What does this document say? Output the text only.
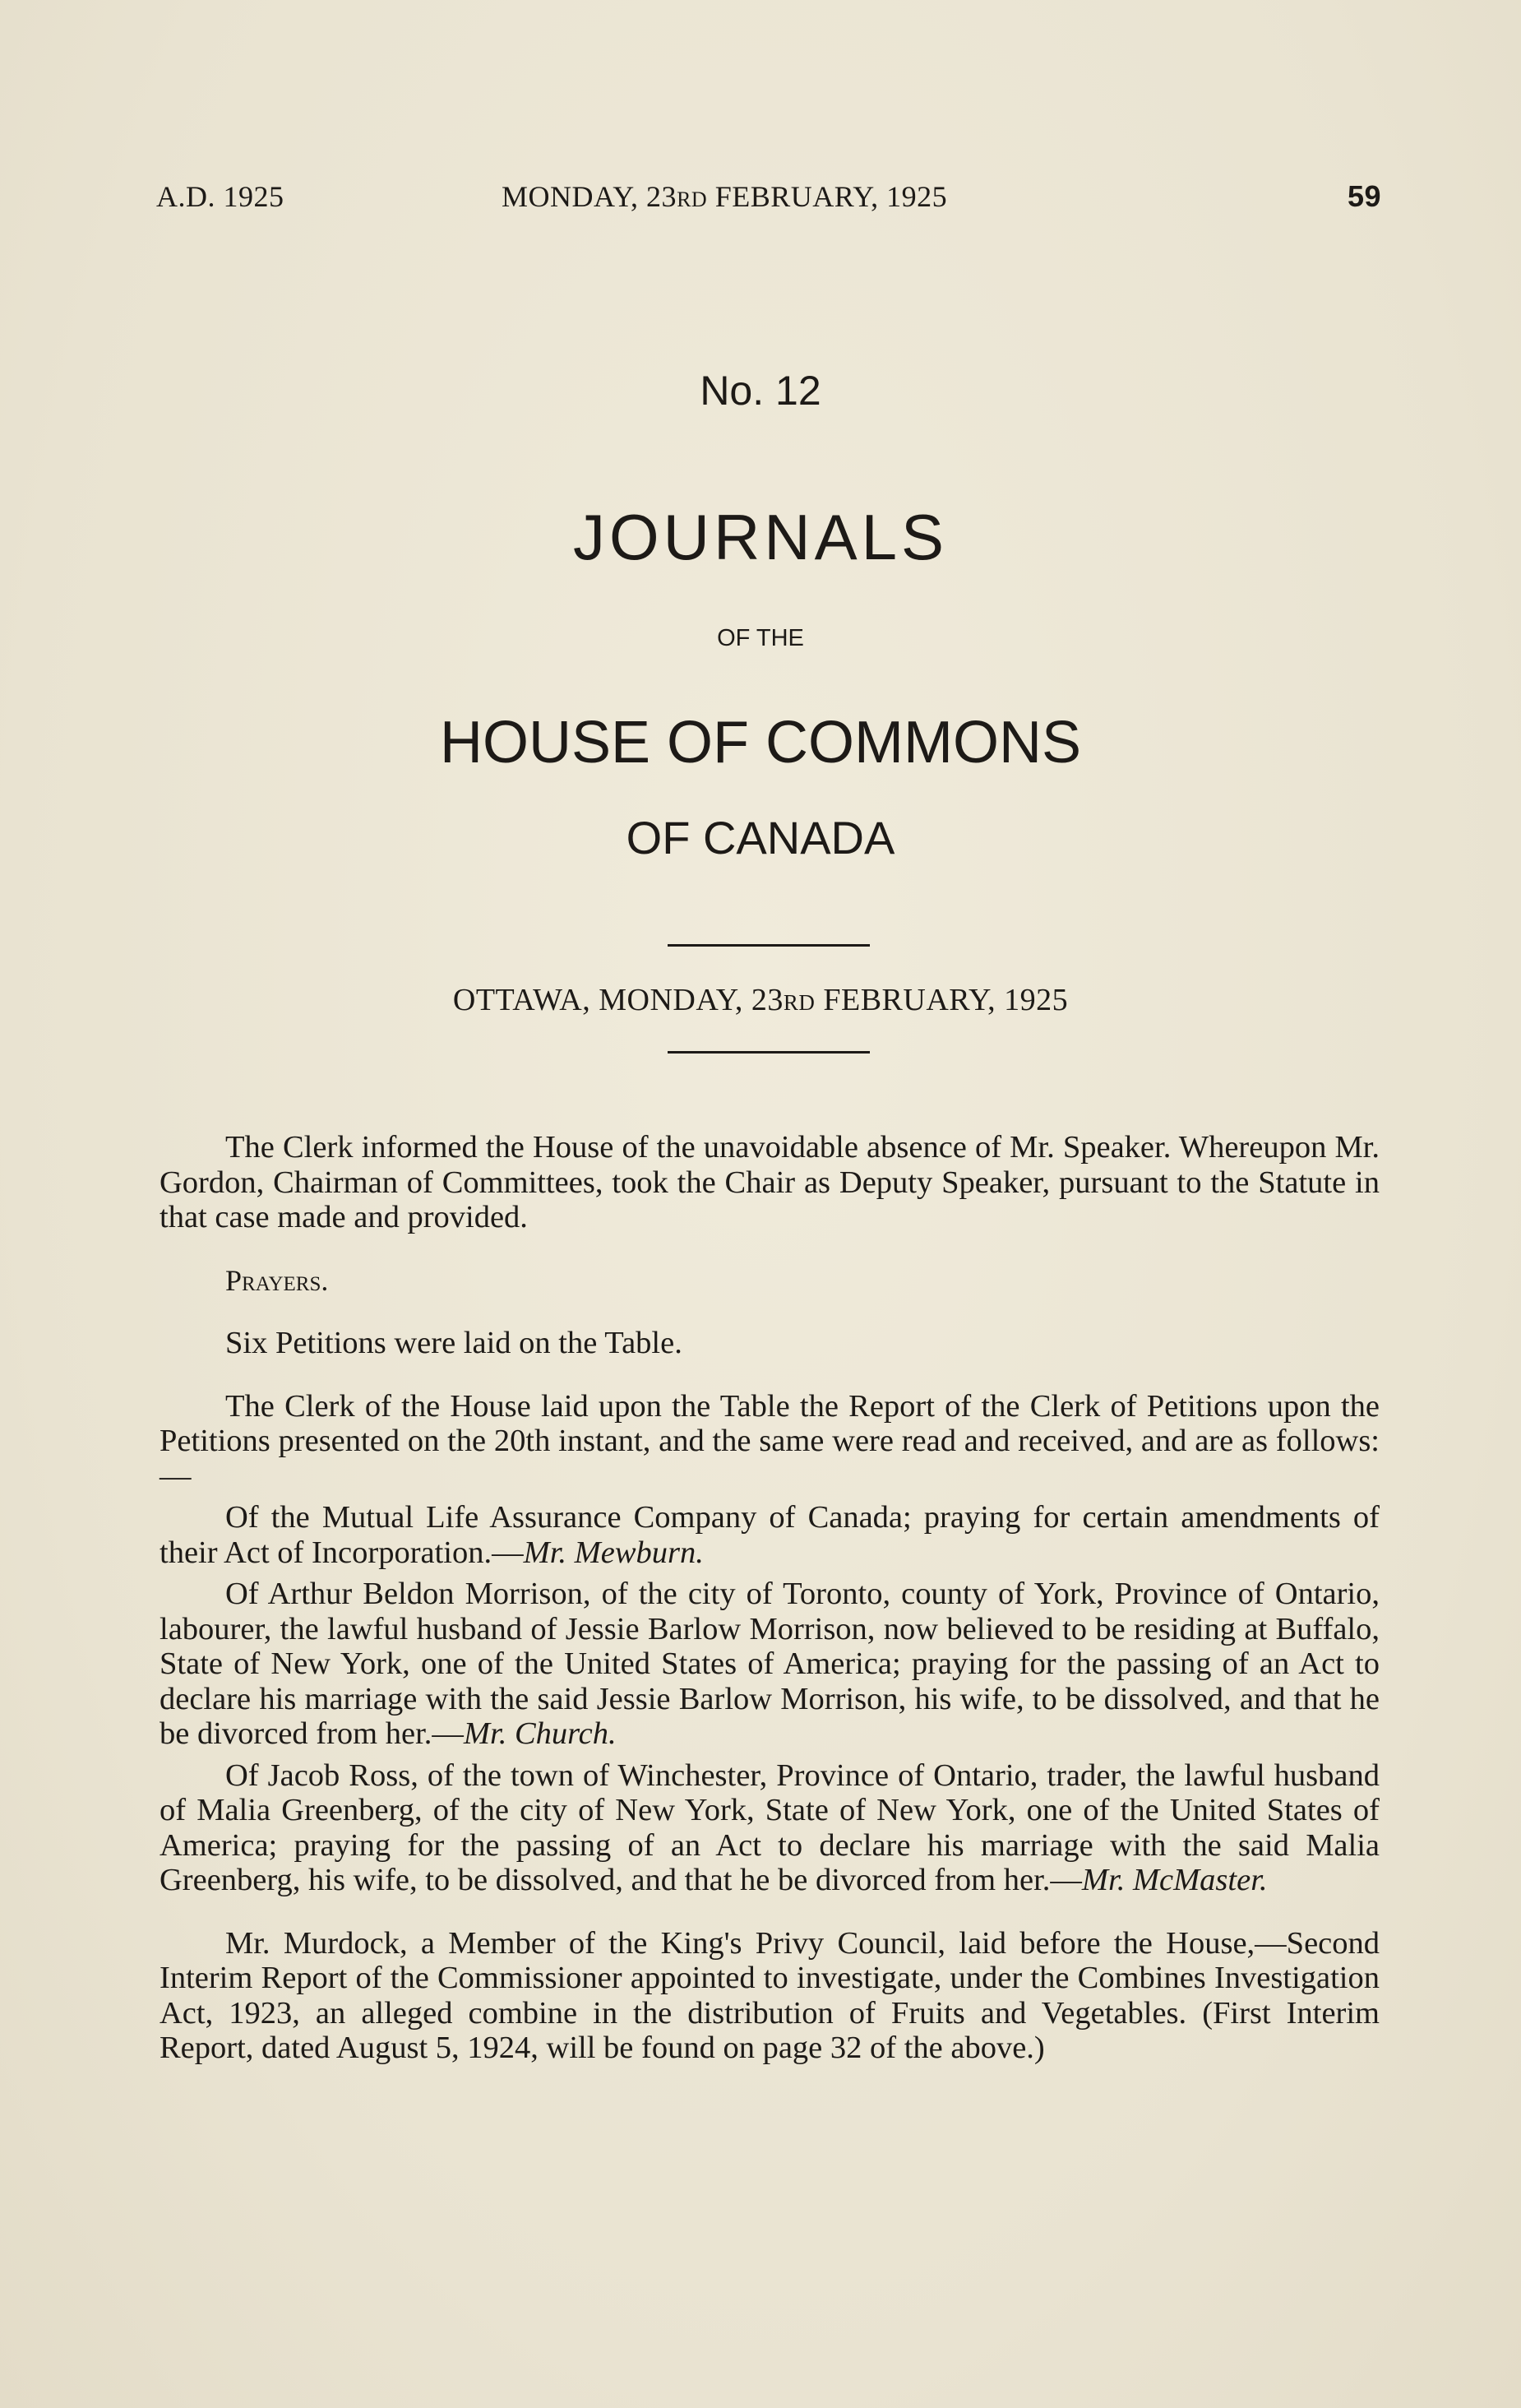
A.D. 1925	MONDAY, 23RD FEBRUARY, 1925	59
No. 12
JOURNALS
OF THE
HOUSE OF COMMONS
OF CANADA
OTTAWA, MONDAY, 23RD FEBRUARY, 1925

The Clerk informed the House of the unavoidable absence of Mr. Speaker. Whereupon Mr. Gordon, Chairman of Committees, took the Chair as Deputy Speaker, pursuant to the Statute in that case made and provided.

Prayers.

Six Petitions were laid on the Table.

The Clerk of the House laid upon the Table the Report of the Clerk of Petitions upon the Petitions presented on the 20th instant, and the same were read and received, and are as follows:—

Of the Mutual Life Assurance Company of Canada; praying for certain amendments of their Act of Incorporation.—Mr. Mewburn.

Of Arthur Beldon Morrison, of the city of Toronto, county of York, Province of Ontario, labourer, the lawful husband of Jessie Barlow Morrison, now believed to be residing at Buffalo, State of New York, one of the United States of America; praying for the passing of an Act to declare his marriage with the said Jessie Barlow Morrison, his wife, to be dissolved, and that he be divorced from her.—Mr. Church.

Of Jacob Ross, of the town of Winchester, Province of Ontario, trader, the lawful husband of Malia Greenberg, of the city of New York, State of New York, one of the United States of America; praying for the passing of an Act to declare his marriage with the said Malia Greenberg, his wife, to be dissolved, and that he be divorced from her.—Mr. McMaster.

Mr. Murdock, a Member of the King's Privy Council, laid before the House,—Second Interim Report of the Commissioner appointed to investigate, under the Combines Investigation Act, 1923, an alleged combine in the distribution of Fruits and Vegetables. (First Interim Report, dated August 5, 1924, will be found on page 32 of the above.)
